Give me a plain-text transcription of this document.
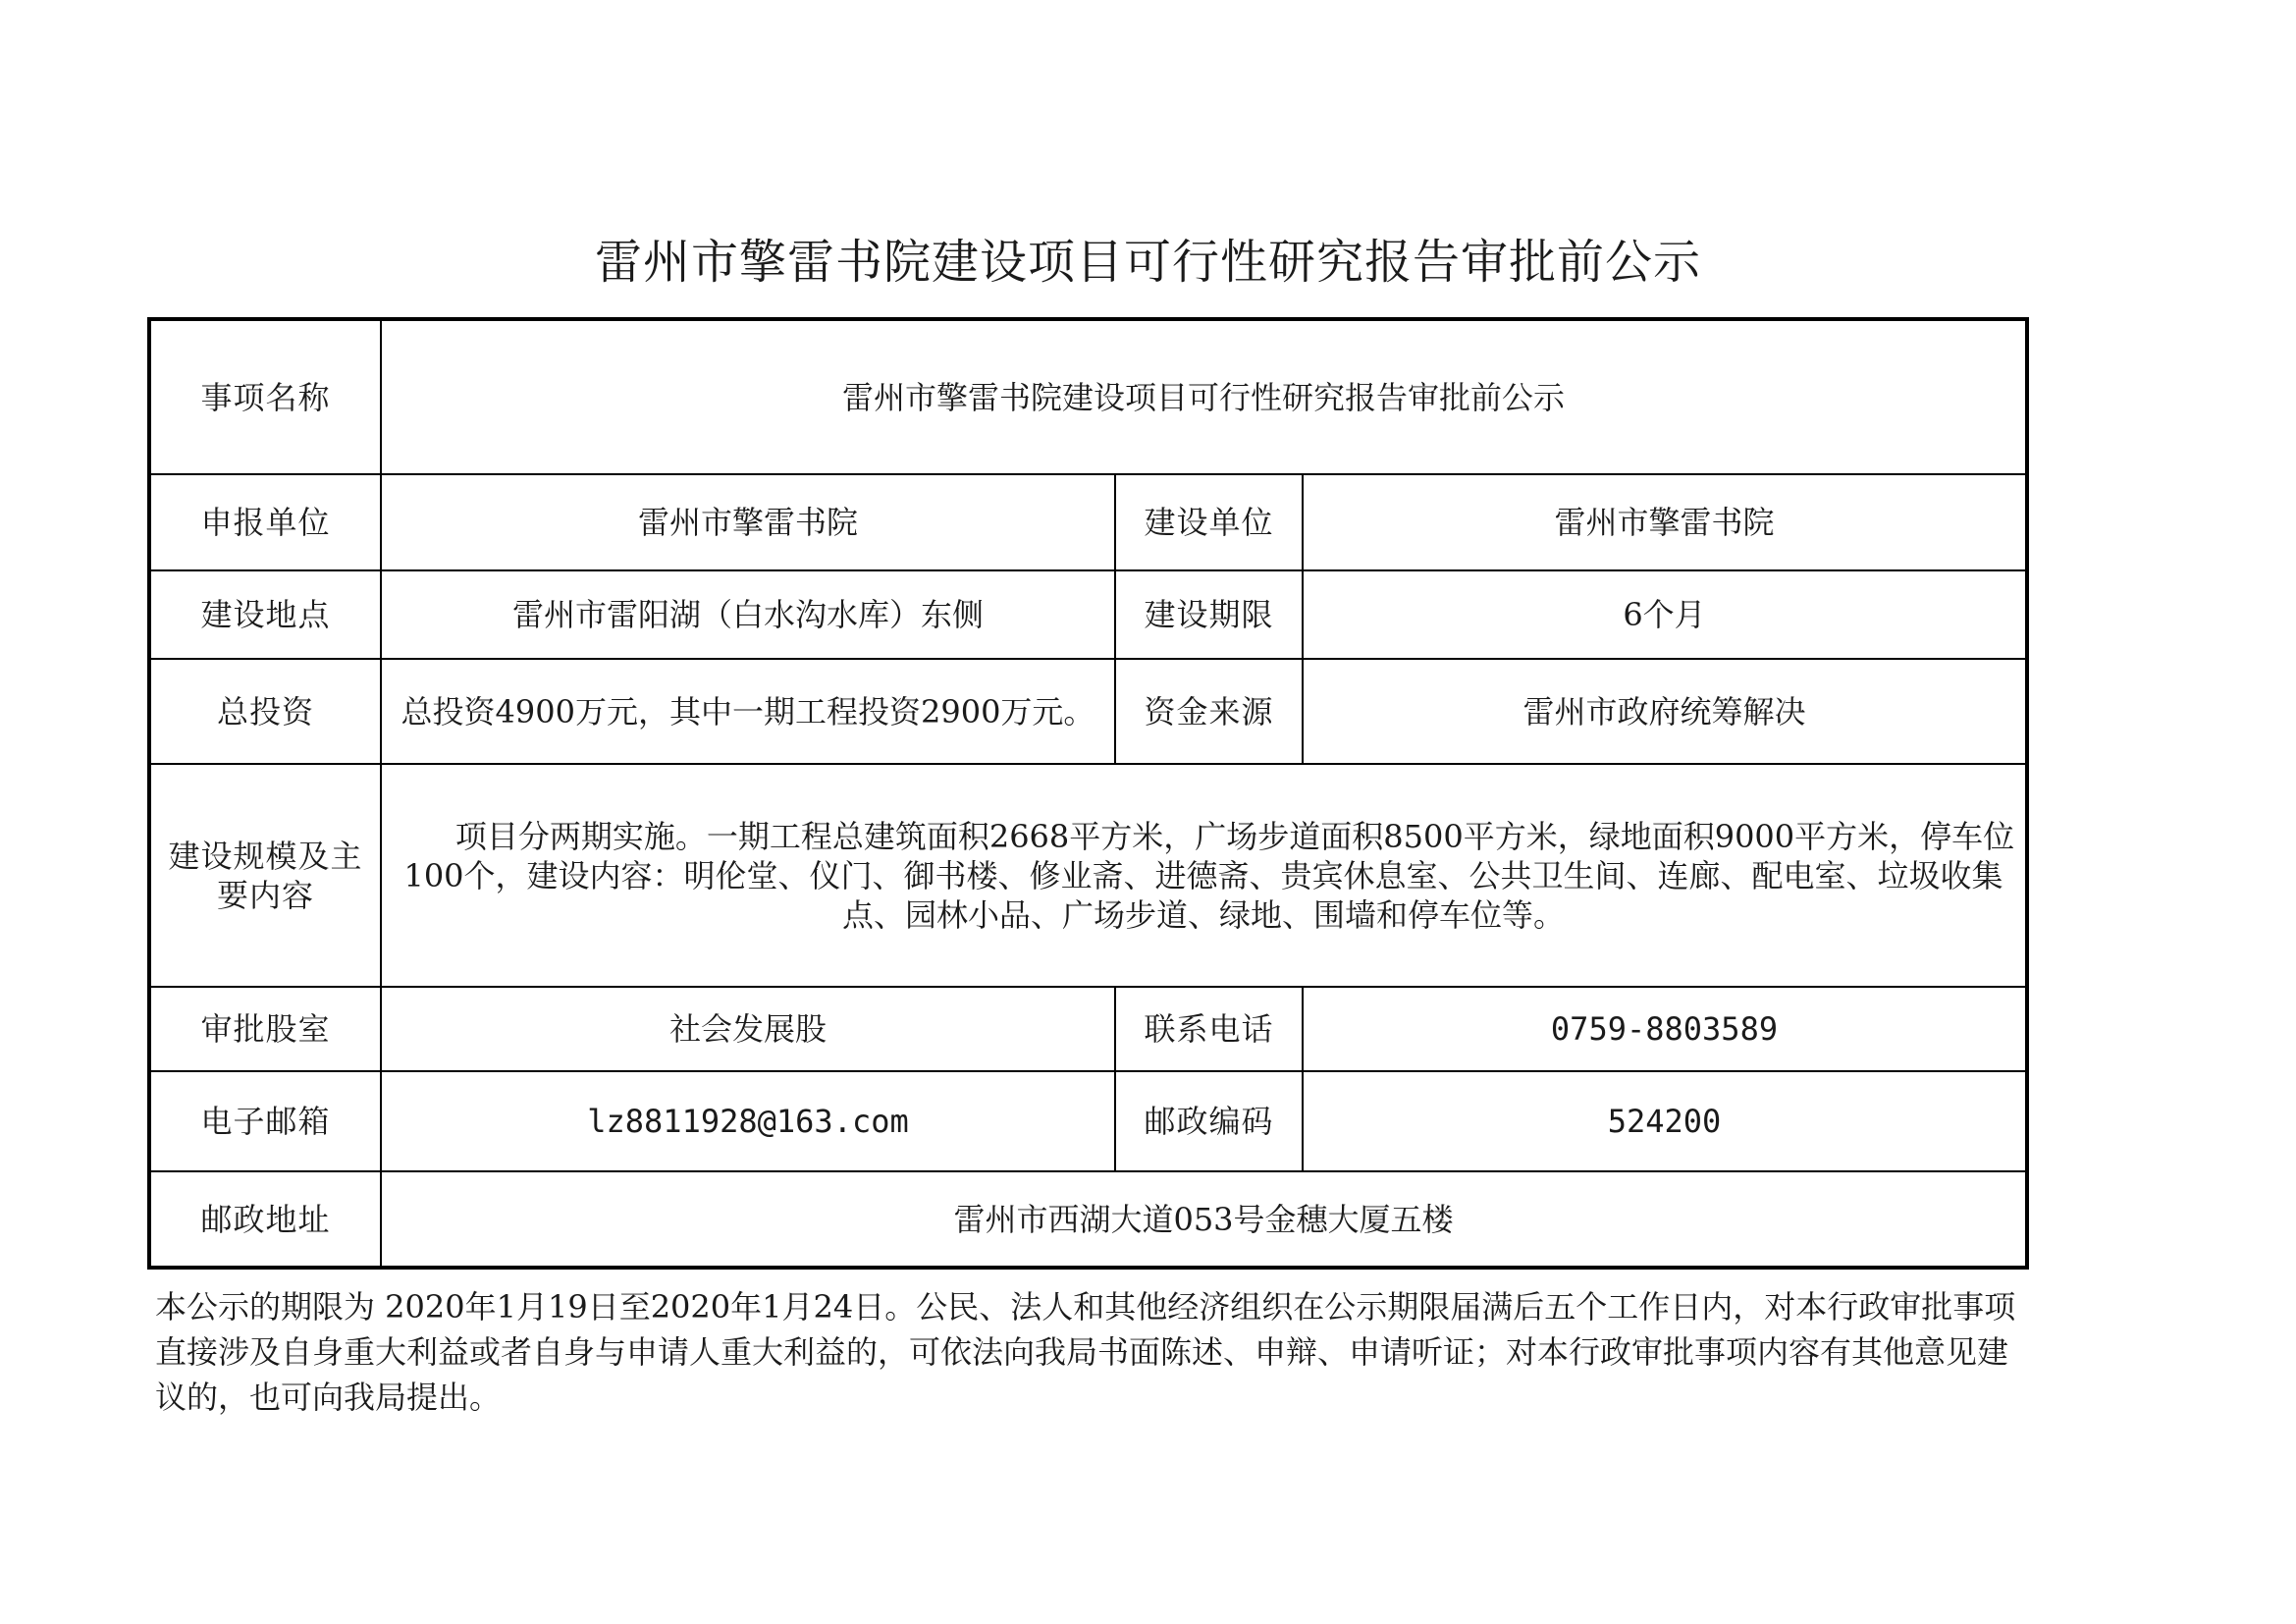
雷州市擎雷书院建设项目可行性研究报告审批前公示
事项名称	雷州市擎雷书院建设项目可行性研究报告审批前公示		
申报单位	雷州市擎雷书院	建设单位	雷州市擎雷书院
建设地点	雷州市雷阳湖（白水沟水库）东侧	建设期限	6个月
总投资	总投资4900万元，其中一期工程投资2900万元。	资金来源	雷州市政府统筹解决
建设规模及主要内容	项目分两期实施。一期工程总建筑面积2668平方米，广场步道面积8500平方米，绿地面积9000平方米，停车位100个，建设内容：明伦堂、仪门、御书楼、修业斋、进德斋、贵宾休息室、公共卫生间、连廊、配电室、垃圾收集点、园林小品、广场步道、绿地、围墙和停车位等。		
审批股室	社会发展股	联系电话	0759-8803589
电子邮箱	lz8811928@163.com	邮政编码	524200
邮政地址	雷州市西湖大道053号金穗大厦五楼		

本公示的期限为 2020年1月19日至2020年1月24日。公民、法人和其他经济组织在公示期限届满后五个工作日内，对本行政审批事项直接涉及自身重大利益或者自身与申请人重大利益的，可依法向我局书面陈述、申辩、申请听证；对本行政审批事项内容有其他意见建议的，也可向我局提出。
